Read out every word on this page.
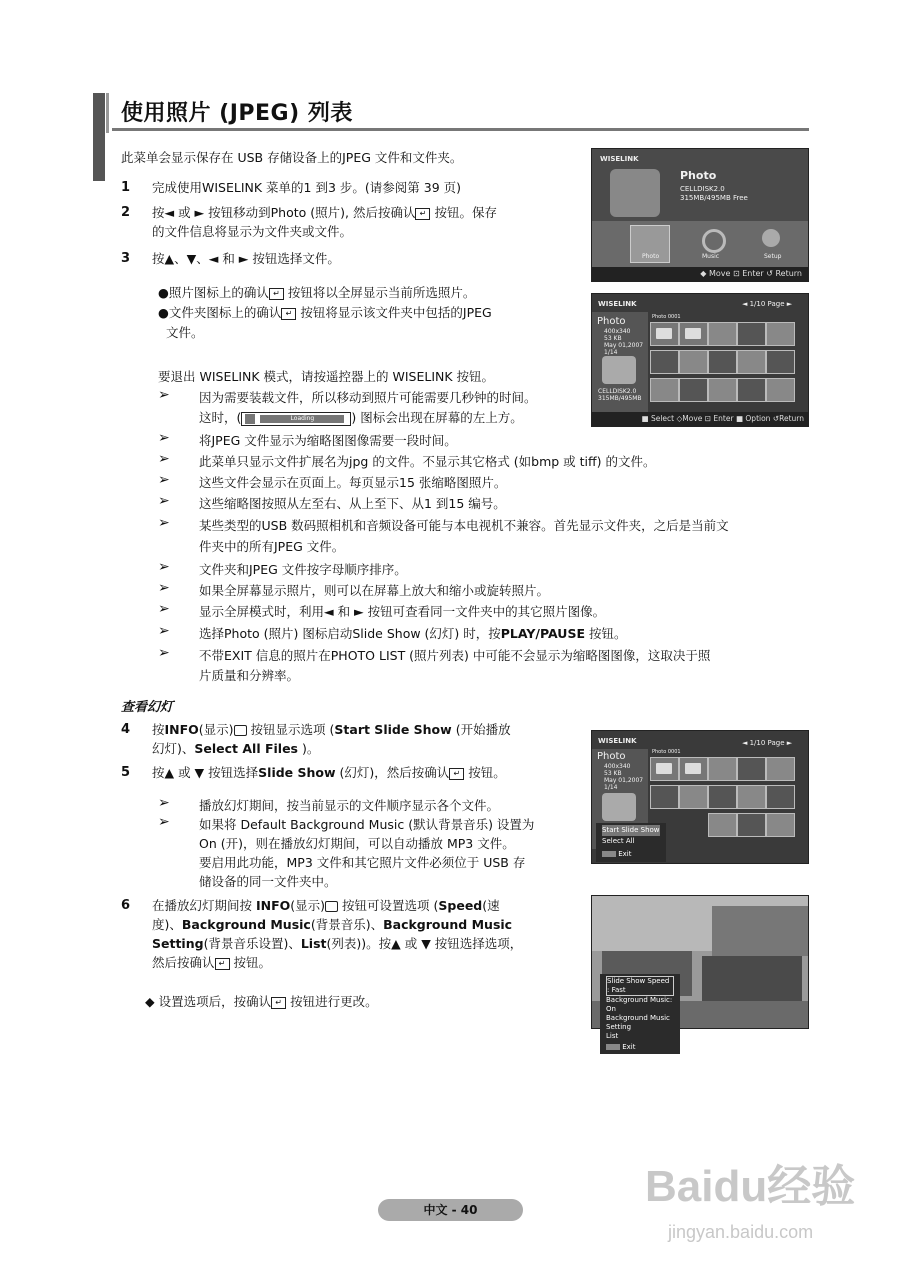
使用照片 (JPEG) 列表
此菜单会显示保存在 USB 存储设备上的JPEG 文件和文件夹。
1 完成使用WISELINK 菜单的1 到3 步。(请参阅第 39 页)
2 按◄ 或 ► 按钮移动到Photo (照片), 然后按确认 ↵ 按钮。保存
的文件信息将显示为文件夹或文件。
3 按▲、▼、◄ 和 ► 按钮选择文件。
●照片图标上的确认 ↵ 按钮将以全屏显示当前所选照片。
●文件夹图标上的确认 ↵ 按钮将显示该文件夹中包括的JPEG
文件。
要退出 WISELINK 模式，请按遥控器上的 WISELINK 按钮。
➢ 因为需要装载文件，所以移动到照片可能需要几秒钟的时间。
这时，(	Loading	) 图标会出现在屏幕的左上方。
➢ 将JPEG 文件显示为缩略图图像需要一段时间。
➢ 此菜单只显示文件扩展名为jpg 的文件。不显示其它格式 (如bmp 或 tiff) 的文件。
➢ 这些文件会显示在页面上。每页显示15 张缩略图照片。
➢ 这些缩略图按照从左至右、从上至下、从1 到15 编号。
➢ 某些类型的USB 数码照相机和音频设备可能与本电视机不兼容。首先显示文件夹，之后是当前文
件夹中的所有JPEG 文件。
➢ 文件夹和JPEG 文件按字母顺序排序。
➢ 如果全屏幕显示照片，则可以在屏幕上放大和缩小或旋转照片。
➢ 显示全屏模式时，利用◄ 和 ► 按钮可查看同一文件夹中的其它照片图像。
➢ 选择Photo (照片) 图标启动Slide Show (幻灯) 时，按PLAY/PAUSE 按钮。
➢ 不带EXIT 信息的照片在PHOTO LIST (照片列表) 中可能不会显示为缩略图图像，这取决于照
片质量和分辨率。
查看幻灯
4 按INFO(显示) 按钮显示选项 (Start Slide Show (开始播放
幻灯)、Select All Files )。
5 按▲ 或 ▼ 按钮选择Slide Show (幻灯)，然后按确认 ↵ 按钮。
➢ 播放幻灯期间，按当前显示的文件顺序显示各个文件。
➢ 如果将 Default Background Music (默认背景音乐) 设置为
On (开)，则在播放幻灯期间，可以自动播放 MP3 文件。
要启用此功能，MP3 文件和其它照片文件必须位于 USB 存
储设备的同一文件夹中。
6 在播放幻灯期间按 INFO(显示) 按钮可设置选项 (Speed(速
度)、Background Music(背景音乐)、Background Music
Setting(背景音乐设置)、List(列表))。按▲ 或 ▼ 按钮选择选项，
然后按确认 ↵ 按钮。
◆ 设置选项后，按确认 ↵ 按钮进行更改。
WISELINK
Photo
CELLDISK2.0
315MB/495MB Free
Photo	Music	Setup
◆ Move ⊡ Enter ↺ Return
WISELINK	◄ 1/10 Page ►
Photo
400x340
53 KB
May 01,2007
1/14
CELLDISK2.0
315MB/495MB
Photo 0001
■ Select ◇Move ⊡ Enter ■ Option ↺Return
WISELINK	◄ 1/10 Page ►
Photo
400x340
53 KB
May 01,2007
1/14
Photo 0001
Start Slide Show
Select All
Exit
Slide Show Speed : Fast
Background Music: On
Background Music Setting
List
Exit
中文 - 40	Baidu经验
jingyan.baidu.com
